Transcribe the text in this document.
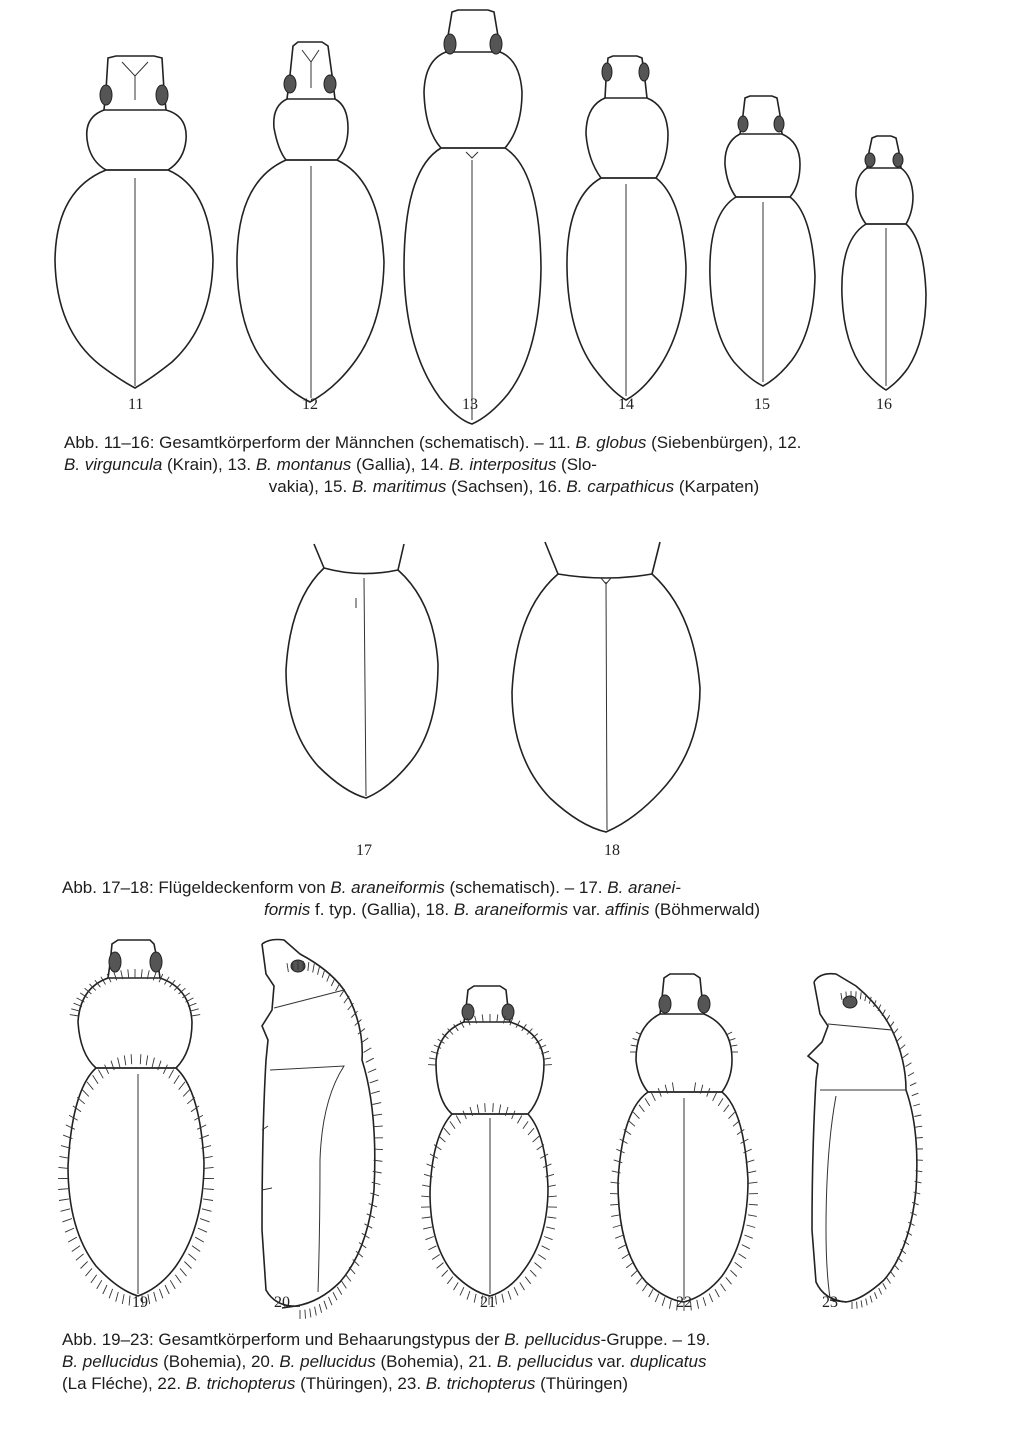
11	12	13	14	15	16
Abb. 11–16: Gesamtkörperform der Männchen (schematisch). – 11. B. globus (Siebenbürgen), 12.
B. virguncula (Krain), 13. B. montanus (Gallia), 14. B. interpositus (Slo-
vakia), 15. B. maritimus (Sachsen), 16. B. carpathicus (Karpaten)
17	18
Abb. 17–18: Flügeldeckenform von B. araneiformis (schematisch). – 17. B. aranei-
formis f. typ. (Gallia), 18. B. araneiformis var. affinis (Böhmerwald)
19	20	21	22	23
Abb. 19–23: Gesamtkörperform und Behaarungstypus der B. pellucidus-Gruppe. – 19.
B. pellucidus (Bohemia), 20. B. pellucidus (Bohemia), 21. B. pellucidus var. duplicatus
(La Fléche), 22. B. trichopterus (Thüringen), 23. B. trichopterus (Thüringen)
